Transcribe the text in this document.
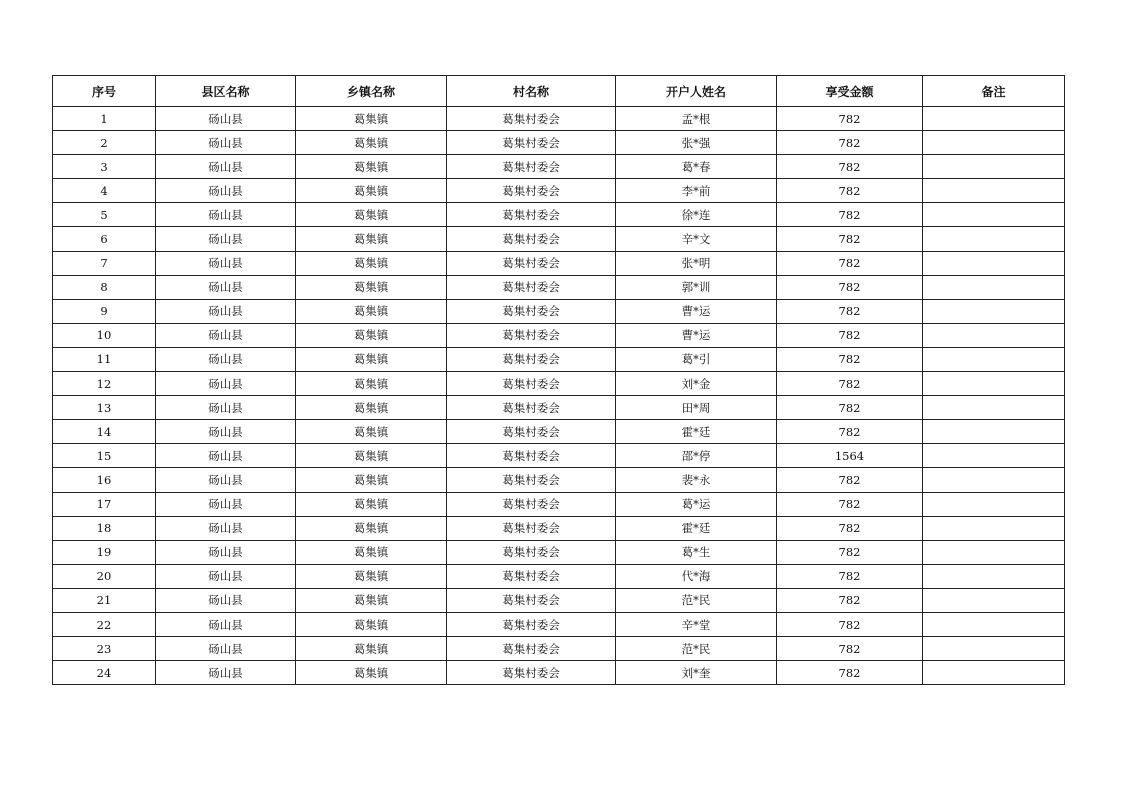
序号	县区名称	乡镇名称	村名称	开户人姓名	享受金额	备注
1	砀山县	葛集镇	葛集村委会	孟*根	782	
2	砀山县	葛集镇	葛集村委会	张*强	782	
3	砀山县	葛集镇	葛集村委会	葛*春	782	
4	砀山县	葛集镇	葛集村委会	李*前	782	
5	砀山县	葛集镇	葛集村委会	徐*连	782	
6	砀山县	葛集镇	葛集村委会	辛*文	782	
7	砀山县	葛集镇	葛集村委会	张*明	782	
8	砀山县	葛集镇	葛集村委会	郭*训	782	
9	砀山县	葛集镇	葛集村委会	曹*运	782	
10	砀山县	葛集镇	葛集村委会	曹*运	782	
11	砀山县	葛集镇	葛集村委会	葛*引	782	
12	砀山县	葛集镇	葛集村委会	刘*金	782	
13	砀山县	葛集镇	葛集村委会	田*周	782	
14	砀山县	葛集镇	葛集村委会	霍*廷	782	
15	砀山县	葛集镇	葛集村委会	邵*停	1564	
16	砀山县	葛集镇	葛集村委会	裴*永	782	
17	砀山县	葛集镇	葛集村委会	葛*运	782	
18	砀山县	葛集镇	葛集村委会	霍*廷	782	
19	砀山县	葛集镇	葛集村委会	葛*生	782	
20	砀山县	葛集镇	葛集村委会	代*海	782	
21	砀山县	葛集镇	葛集村委会	范*民	782	
22	砀山县	葛集镇	葛集村委会	辛*堂	782	
23	砀山县	葛集镇	葛集村委会	范*民	782	
24	砀山县	葛集镇	葛集村委会	刘*奎	782	
